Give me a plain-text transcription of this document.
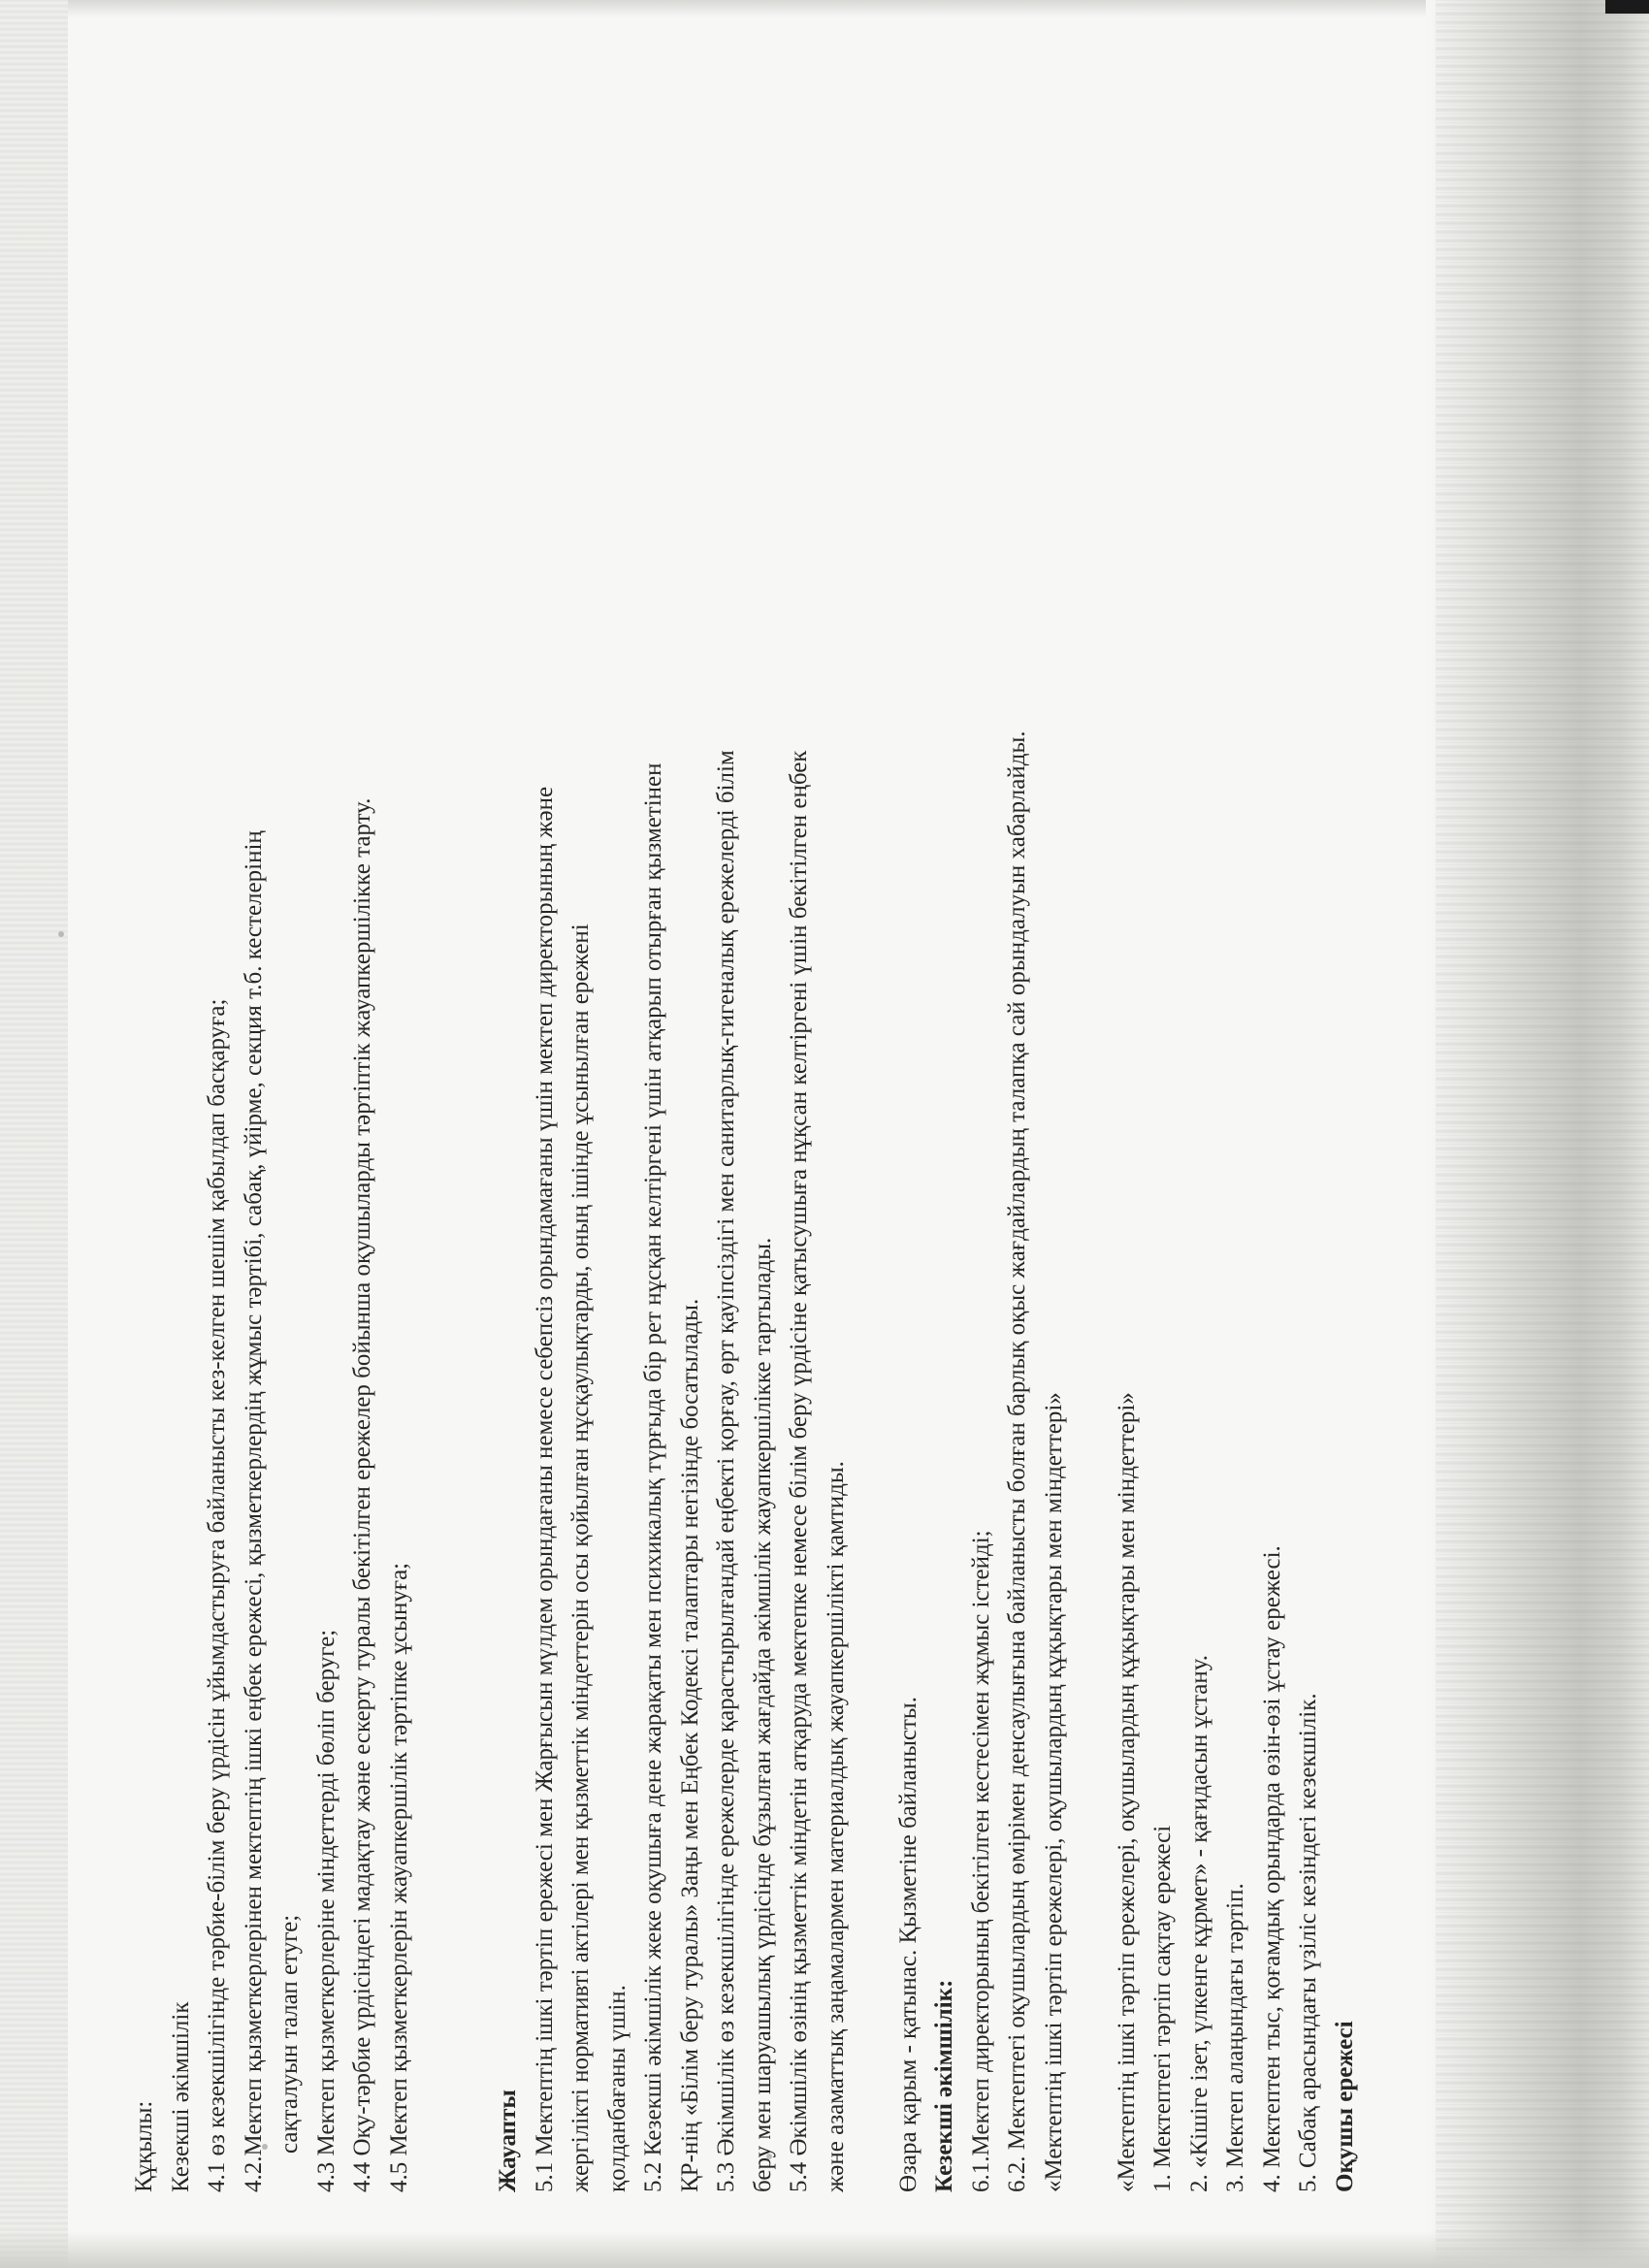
Құқылы: Кезекші әкімшілік 4.1 өз кезекшілігінде тәрбие-білім беру үрдісін ұйымдастыруға байланысты кез-келген шешім қабылдап басқаруға; 4.2.Мектеп қызметкерлерінен мектептің ішкі еңбек ережесі, қызметкерлердің жұмыс тәртібі, сабақ, үйірме, секция т.б. кестелерінің сақталуын талап етуге; 4.3 Мектеп қызметкерлеріне міндеттерді бөліп беруге; 4.4 Оқу-тәрбие үрдісіндегі мадақтау және ескерту туралы бекітілген ережелер бойынша оқушыларды тәртіптік жауапкершілікке тарту. 4.5 Мектеп қызметкерлерін жауапкершілік тәртіпке ұсынуға;	Жауапты 5.1 Мектептің ішкі тәртіп ережесі мен Жарғысын мүлдем орындағаны немесе себепсіз орындамағаны үшін мектеп директорының және жергілікті нормативті актілері мен қызметтік міндеттерін осы қойылған нұсқаулықтарды, оның ішінде ұсынылған ережені қолданбағаны үшін. 5.2 Кезекші әкімшілік жеке оқушыға дене жарақаты мен психикалық түрғыда бір рет нұсқан келтіргені үшін атқарып отырған қызметінен ҚР-нің «Білім беру туралы» Заңы мен Еңбек Кодексі талаптары негізінде босатылады. 5.3 Әкімшілік өз кезекшілігінде ережелерде қарастырылғандай еңбекті қорғау, өрт қауіпсіздігі мен санитарлық-гигеналық ережелерді білім беру мен шаруашылық үрдісінде бұзылған жағдайда әкімшілік жауапкершілікке тартылады. 5.4 Әкімшілік өзінің қызметтік міндетін атқаруда мектепке немесе білім беру үрдісіне қатысушыға нұқсан келтіргені үшін бекітілген еңбек және азаматтық заңамалармен материалдық жауапкершілікті қамтиды. Өзара қарым - қатынас. Қызметіне байланысты. Кезекші әкімшілік: 6.1.Мектеп директорының бекітілген кестесімен жұмыс істейді; 6.2. Мектептегі оқушылардың өмірімен денсаулығына байланысты болған барлық оқыс жағдайлардың талапқа сай орындалуын хабарлайды. «Мектептің ішкі тәртіп ережелері, оқушылардың құқықтары мен міндеттері» «Мектептің ішкі тәртіп ережелері, оқушылардың құқықтары мен міндеттері» 1. Мектептегі тәртіп сақтау ережесі 2. «Кішіге ізет, үлкенге құрмет» - қағидасын ұстану. 3. Мектеп алаңындағы тәртіп. 4. Мектептен тыс, қоғамдық орындарда өзін-өзі ұстау ережесі. 5. Сабақ арасындағы үзіліс кезіндегі кезекшілік. Оқушы ережесі
